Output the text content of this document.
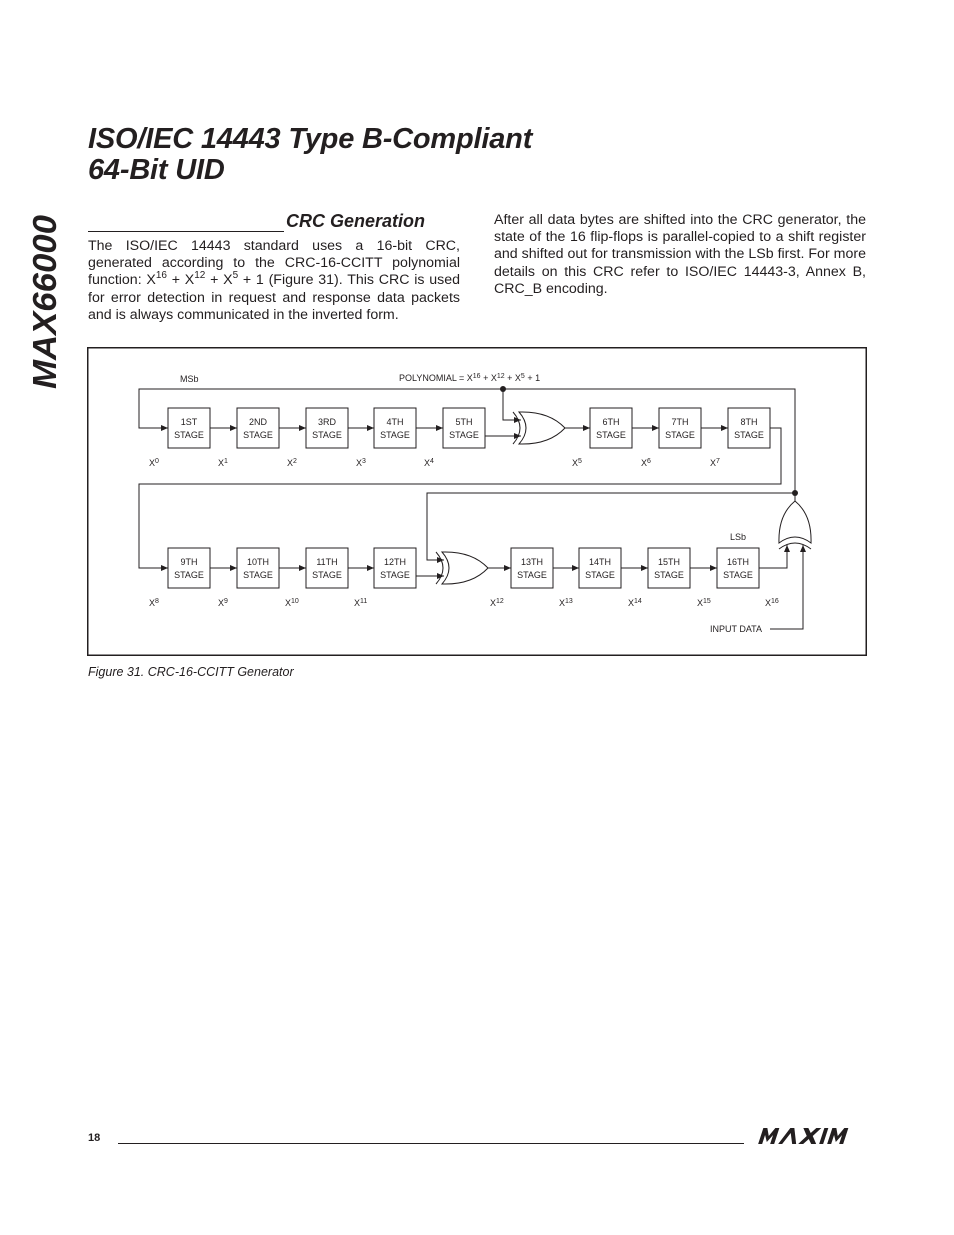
MAX66000
ISO/IEC 14443 Type B-Compliant
64-Bit UID
CRC Generation

The ISO/IEC 14443 standard uses a 16-bit CRC, generated according to the CRC-16-CCITT polynomial function: $X^{16} + X^{12} + X^5 + 1$ (Figure 31). This CRC is used for error detection in request and response data packets and is always communicated in the inverted form.

After all data bytes are shifted into the CRC generator, the state of the 16 flip-flops is parallel-copied to a shift register and shifted out for transmission with the LSb first. For more details on this CRC refer to ISO/IEC 14443-3, Annex B, CRC_B encoding.

1ST
STAGE
2ND
STAGE
3RD
STAGE
4TH
STAGE
5TH
STAGE
6TH
STAGE
7TH
STAGE
8TH
STAGE
9TH
STAGE
10TH
STAGE
11TH
STAGE
12TH
STAGE
13TH
STAGE
14TH
STAGE
15TH
STAGE
16TH
STAGE
MSb
LSb
INPUT DATA
POLYNOMIAL = $X^{16} + X^{12} + X^5 + 1$
$X^0$	$X^1$	$X^2$	$X^3$	$X^4$	$X^5$	$X^6$	$X^7$
$X^8$	$X^9$	$X^{10}$	$X^{11}$	$X^{12}$	$X^{13}$	$X^{14}$	$X^{15}$	$X^{16}$

Figure 31. CRC-16-CCITT Generator

18
